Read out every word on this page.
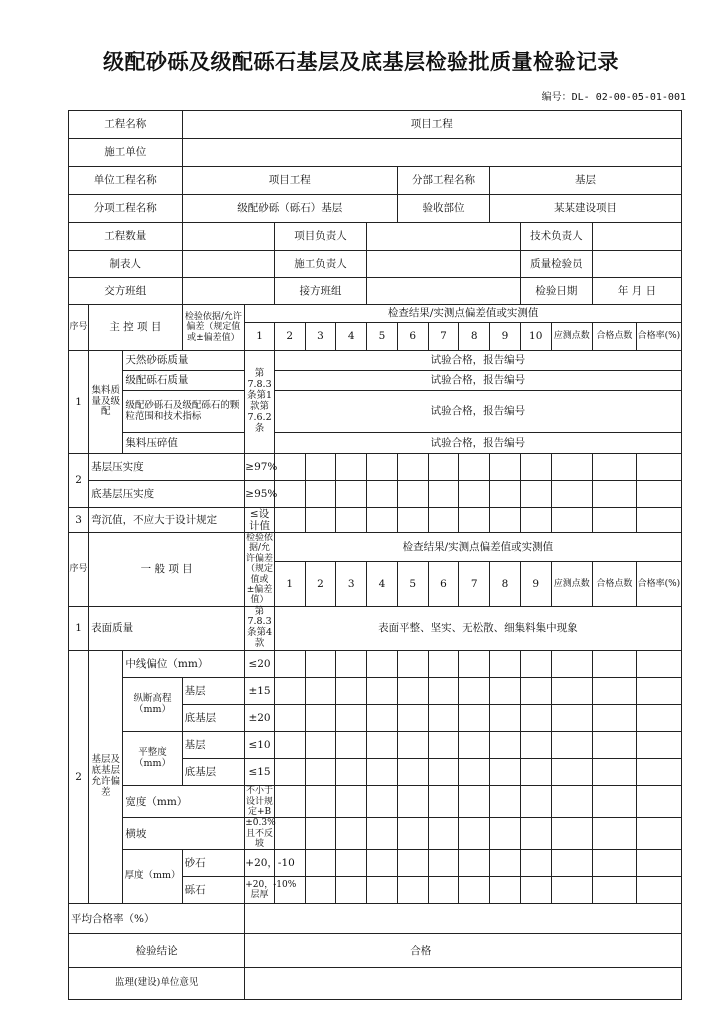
级配砂砾及级配砾石基层及底基层检验批质量检验记录
编号：DL- 02-00-05-01-001
工程名称			项目工程													
施工单位																
单位工程名称			项目工程						分部工程名称			基层				
分项工程名称			级配砂砾（砾石）基层						验收部位			某某建设项目				
工程数量					项目负责人								技术负责人			
制表人					施工负责人								质量检验员			
交方班组					接方班组								检验日期		年 月 日	
序号	主 控 项 目		检验依据/允许偏差（规定值或±偏差值）	检查结果/实测点偏差值或实测值												
				1	2	3	4	5	6	7	8	9	10	应测点数	合格点数	合格率(%)
1	集料质量及级配	天然砂砾质量		第7.8.3条第1款第7.6.2条	试验合格，报告编号											
		级配砾石质量			试验合格，报告编号											
		级配砂砾石及级配砾石的颗粒范围和技术指标			试验合格，报告编号											
		集料压碎值			试验合格，报告编号											
2	基层压实度			≥97%												
	底基层压实度			≥95%												
3	弯沉值，不应大于设计规定			≤设计值												
序号	一 般 项 目			检验依据/允许偏差（规定值或±偏差值）	检查结果/实测点偏差值或实测值											
					1	2	3	4	5	6	7	8	9	应测点数	合格点数	合格率(%)
1	表面质量			第7.8.3条第4款	表面平整、坚实、无松散、细集料集中现象											
2	基层及底基层允许偏差	中线偏位（mm）		≤20												
		纵断高程（mm）	基层	±15												
			底基层	±20												
		平整度（mm）	基层	≤10												
			底基层	≤15												
		宽度（mm）		不小于设计规定+B												
		横坡		±0.3%且不反坡												
		厚度（mm）	砂石	+20，-10												
			砾石	+20，-10%层厚												
平均合格率（%）																
检验结论				合格												
监理(建设)单位意见																
